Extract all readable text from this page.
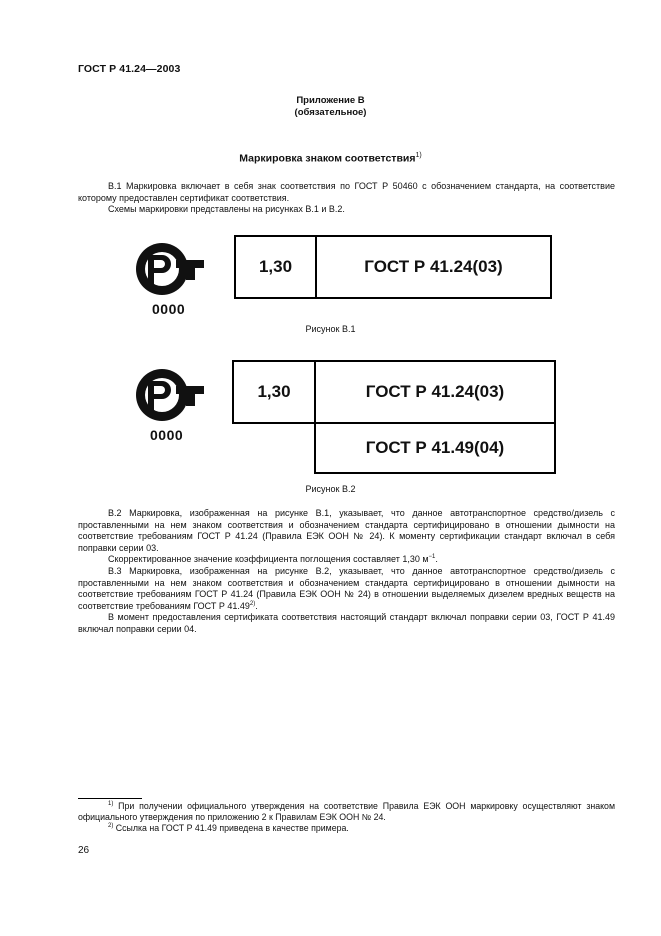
ГОСТ Р 41.24—2003
Приложение В
(обязательное)
Маркировка знаком соответствия$^{1)}$

В.1 Маркировка включает в себя знак соответствия по ГОСТ Р 50460 с обозначением стандарта, на соответствие которому предоставлен сертификат соответствия.

Схемы маркировки представлены на рисунках В.1 и В.2.

0000
1,30	ГОСТ Р 41.24(03)
Рисунок В.1
0000
1,30	ГОСТ Р 41.24(03)
ГОСТ Р 41.49(04)
Рисунок В.2

В.2 Маркировка, изображенная на рисунке В.1, указывает, что данное автотранспортное средство/дизель с проставленными на нем знаком соответствия и обозначением стандарта сертифицировано в отношении дымности на соответствие требованиям ГОСТ Р 41.24 (Правила ЕЭК ООН № 24). К моменту сертификации стандарт включал в себя поправки серии 03.

Скорректированное значение коэффициента поглощения составляет 1,30 $м^{-1}$.

В.3 Маркировка, изображенная на рисунке В.2, указывает, что данное автотранспортное средство/дизель с проставленными на нем знаком соответствия и обозначением стандарта сертифицировано в отношении дымности на соответствие требованиям ГОСТ Р 41.24 (Правила ЕЭК ООН № 24) в отношении выделяемых дизелем вредных веществ на соответствие требованиям ГОСТ Р 41.49$^{2)}$.

В момент предоставления сертификата соответствия настоящий стандарт включал поправки серии 03, ГОСТ Р 41.49 включал поправки серии 04.

$^{1)}$ При получении официального утверждения на соответствие Правила ЕЭК ООН маркировку осуществляют знаком официального утверждения по приложению 2 к Правилам ЕЭК ООН № 24.

$^{2)}$ Ссылка на ГОСТ Р 41.49 приведена в качестве примера.

26
